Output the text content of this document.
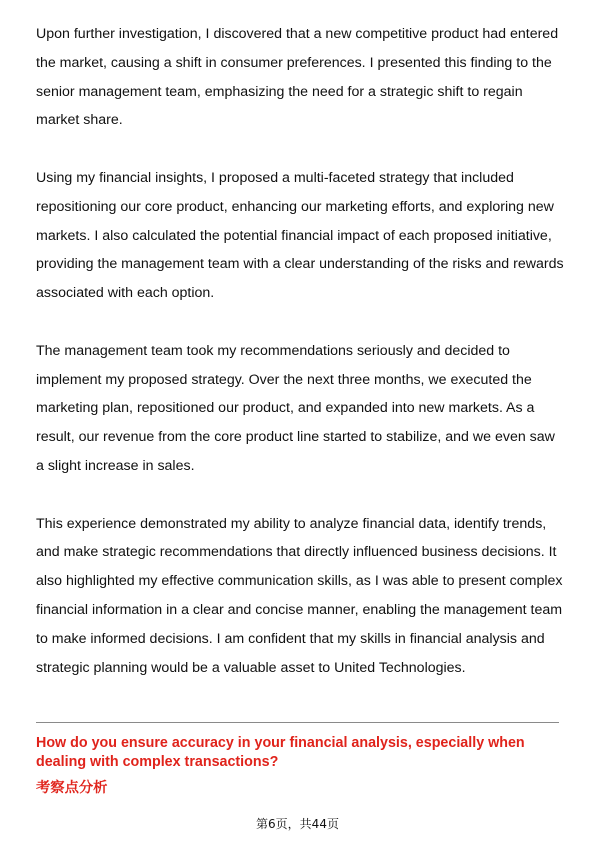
Upon further investigation, I discovered that a new competitive product had entered the market, causing a shift in consumer preferences. I presented this finding to the senior management team, emphasizing the need for a strategic shift to regain market share.

Using my financial insights, I proposed a multi-faceted strategy that included repositioning our core product, enhancing our marketing efforts, and exploring new markets. I also calculated the potential financial impact of each proposed initiative, providing the management team with a clear understanding of the risks and rewards associated with each option.

The management team took my recommendations seriously and decided to implement my proposed strategy. Over the next three months, we executed the marketing plan, repositioned our product, and expanded into new markets. As a result, our revenue from the core product line started to stabilize, and we even saw a slight increase in sales.

This experience demonstrated my ability to analyze financial data, identify trends, and make strategic recommendations that directly influenced business decisions. It also highlighted my effective communication skills, as I was able to present complex financial information in a clear and concise manner, enabling the management team to make informed decisions. I am confident that my skills in financial analysis and strategic planning would be a valuable asset to United Technologies.

How do you ensure accuracy in your financial analysis, especially when dealing with complex transactions?

考察点分析

第6页，共44页
